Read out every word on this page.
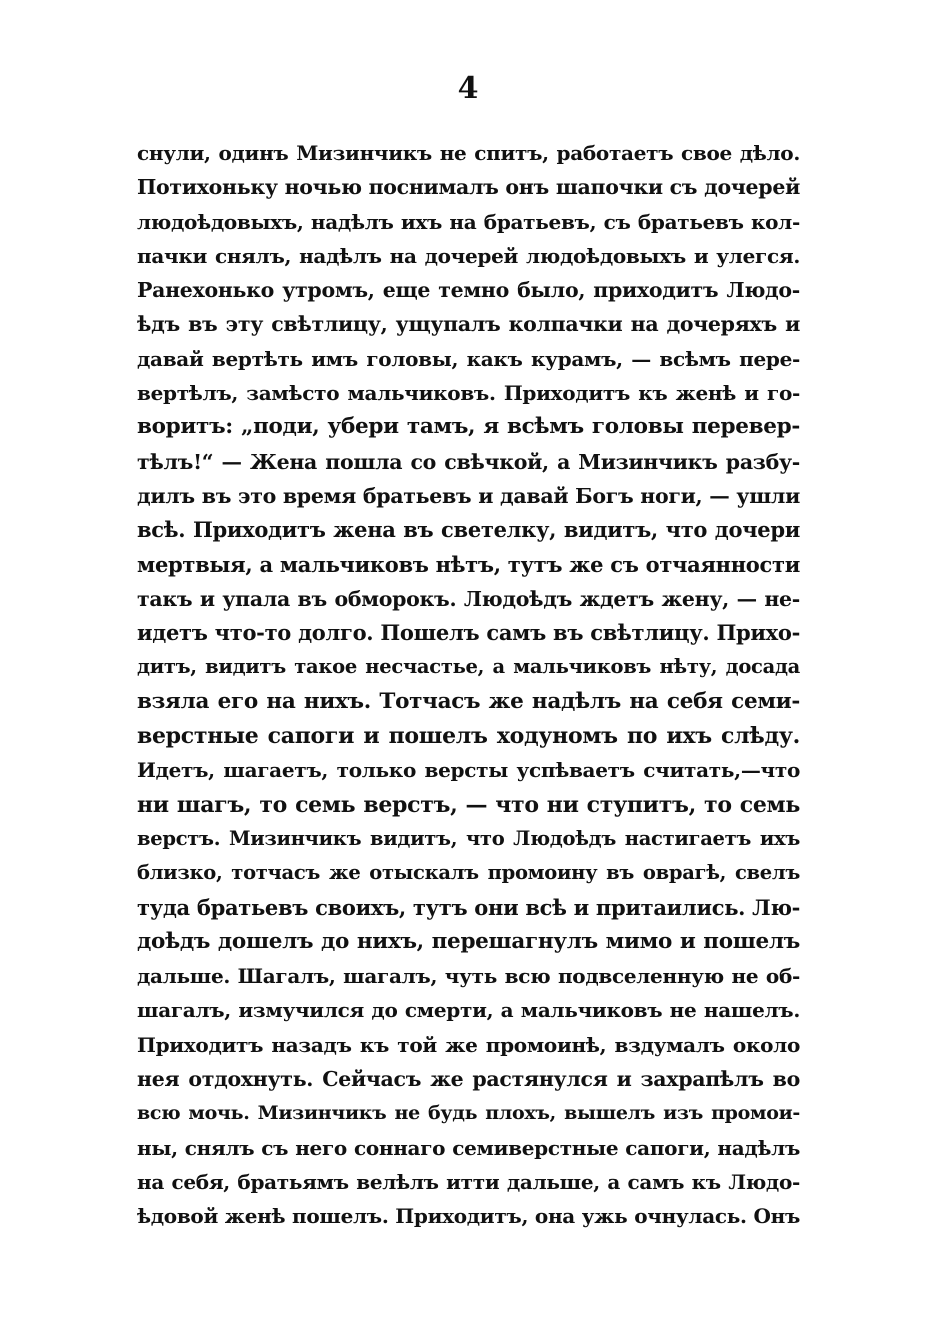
4
снули, одинъ Мизинчикъ не спитъ, работаетъ свое дѣло.
Потихоньку ночью поснималъ онъ шапочки съ дочерей
людоѣдовыхъ, надѣлъ ихъ на братьевъ, съ братьевъ кол-
пачки снялъ, надѣлъ на дочерей людоѣдовыхъ и улегся.
Ранехонько утромъ, еще темно было, приходитъ Людо-
ѣдъ въ эту свѣтлицу, ущупалъ колпачки на дочеряхъ и
давай вертѣть имъ головы, какъ курамъ, — всѣмъ пере-
вертѣлъ, замѣсто мальчиковъ. Приходитъ къ женѣ и го-
воритъ: „поди, убери тамъ, я всѣмъ головы перевер-
тѣлъ!“ — Жена пошла со свѣчкой, а Мизинчикъ разбу-
дилъ въ это время братьевъ и давай Богъ ноги, — ушли
всѣ. Приходитъ жена въ светелку, видитъ, что дочери
мертвыя, а мальчиковъ нѣтъ, тутъ же съ отчаянности
такъ и упала въ обморокъ. Людоѣдъ ждетъ жену, — не-
идетъ что-то долго. Пошелъ самъ въ свѣтлицу. Прихо-
дитъ, видитъ такое несчастье, а мальчиковъ нѣту, досада
взяла его на нихъ. Тотчасъ же надѣлъ на себя семи-
верстные сапоги и пошелъ ходуномъ по ихъ слѣду.
Идетъ, шагаетъ, только версты успѣваетъ считать,—что
ни шагъ, то семь верстъ, — что ни ступитъ, то семь
верстъ. Мизинчикъ видитъ, что Людоѣдъ настигаетъ ихъ
близко, тотчасъ же отыскалъ промоину въ оврагѣ, свелъ
туда братьевъ своихъ, тутъ они всѣ и притаились. Лю-
доѣдъ дошелъ до нихъ, перешагнулъ мимо и пошелъ
дальше. Шагалъ, шагалъ, чуть всю подвселенную не об-
шагалъ, измучился до смерти, а мальчиковъ не нашелъ.
Приходитъ назадъ къ той же промоинѣ, вздумалъ около
нея отдохнуть. Сейчасъ же растянулся и захрапѣлъ во
всю мочь. Мизинчикъ не будь плохъ, вышелъ изъ промои-
ны, снялъ съ него соннаго семиверстные сапоги, надѣлъ
на себя, братьямъ велѣлъ итти дальше, а самъ къ Людо-
ѣдовой женѣ пошелъ. Приходитъ, она ужь очнулась. Онъ
